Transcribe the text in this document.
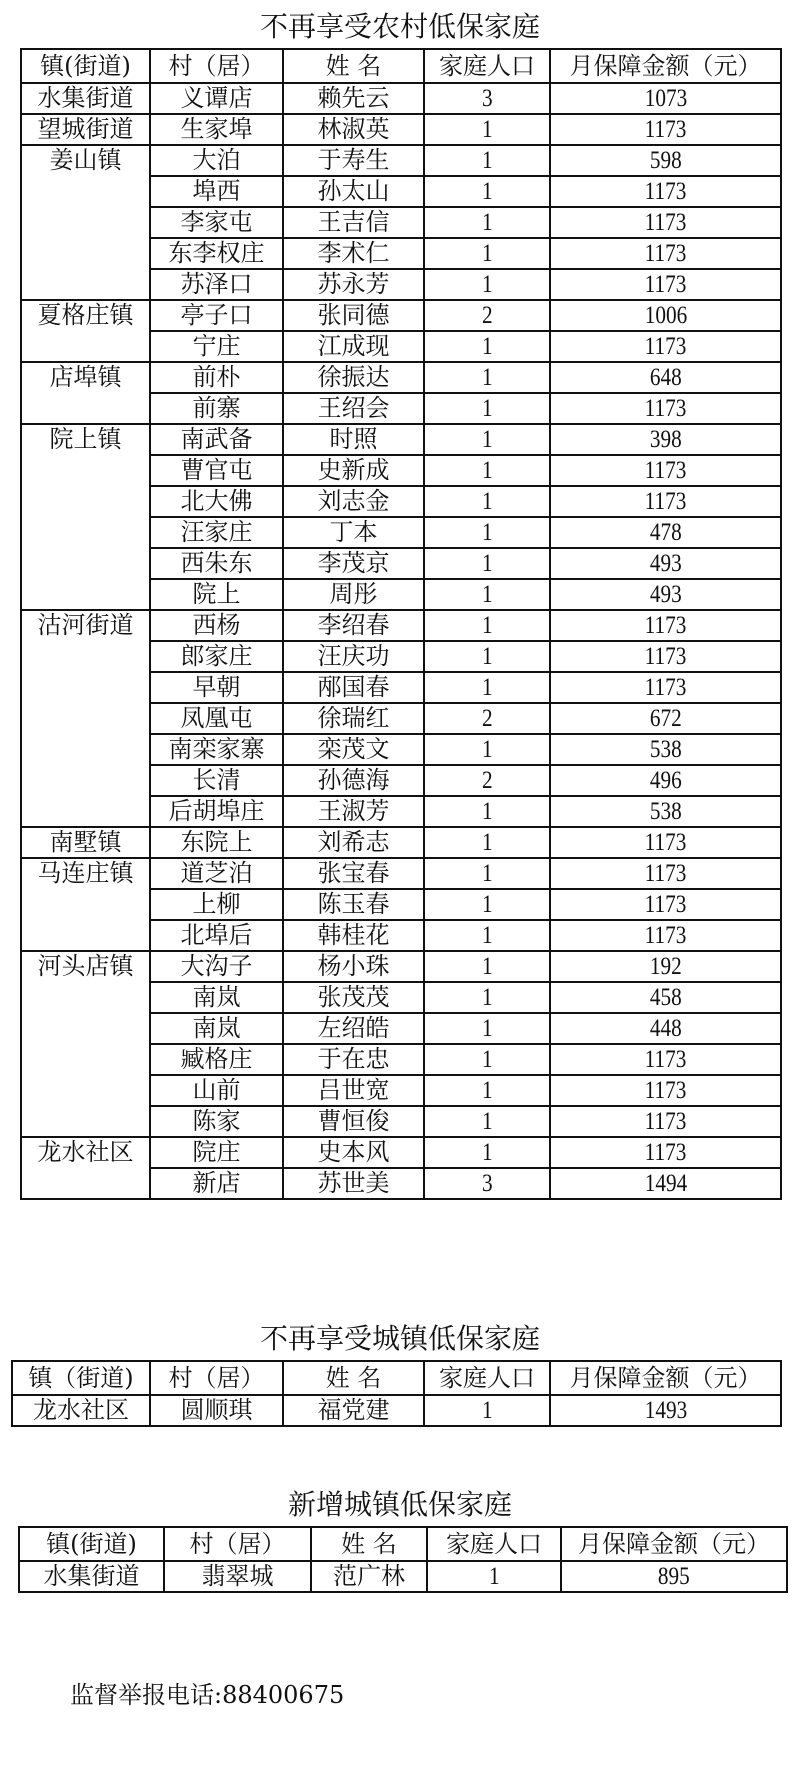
不再享受农村低保家庭
镇(街道)	村（居）	姓 名	家庭人口	月保障金额（元）
水集街道	义谭店	赖先云	3	1073
望城街道	生家埠	林淑英	1	1173
姜山镇	大泊	于寿生	1	598
	埠西	孙太山	1	1173
	李家屯	王吉信	1	1173
	东李权庄	李术仁	1	1173
	苏泽口	苏永芳	1	1173
夏格庄镇	亭子口	张同德	2	1006
	宁庄	江成现	1	1173
店埠镇	前朴	徐振达	1	648
	前寨	王绍会	1	1173
院上镇	南武备	时照	1	398
	曹官屯	史新成	1	1173
	北大佛	刘志金	1	1173
	汪家庄	丁本	1	478
	西朱东	李茂京	1	493
	院上	周彤	1	493
沽河街道	西杨	李绍春	1	1173
	郎家庄	汪庆功	1	1173
	早朝	邴国春	1	1173
	凤凰屯	徐瑞红	2	672
	南栾家寨	栾茂文	1	538
	长清	孙德海	2	496
	后胡埠庄	王淑芳	1	538
南墅镇	东院上	刘希志	1	1173
马连庄镇	道芝泊	张宝春	1	1173
	上柳	陈玉春	1	1173
	北埠后	韩桂花	1	1173
河头店镇	大沟子	杨小珠	1	192
	南岚	张茂茂	1	458
	南岚	左绍皓	1	448
	臧格庄	于在忠	1	1173
	山前	吕世宽	1	1173
	陈家	曹恒俊	1	1173
龙水社区	院庄	史本风	1	1173
	新店	苏世美	3	1494
不再享受城镇低保家庭
镇（街道)	村（居）	姓 名	家庭人口	月保障金额（元）
龙水社区	圆顺琪	福党建	1	1493
新增城镇低保家庭
镇(街道)	村（居）	姓 名	家庭人口	月保障金额（元）
水集街道	翡翠城	范广林	1	895
监督举报电话:88400675
